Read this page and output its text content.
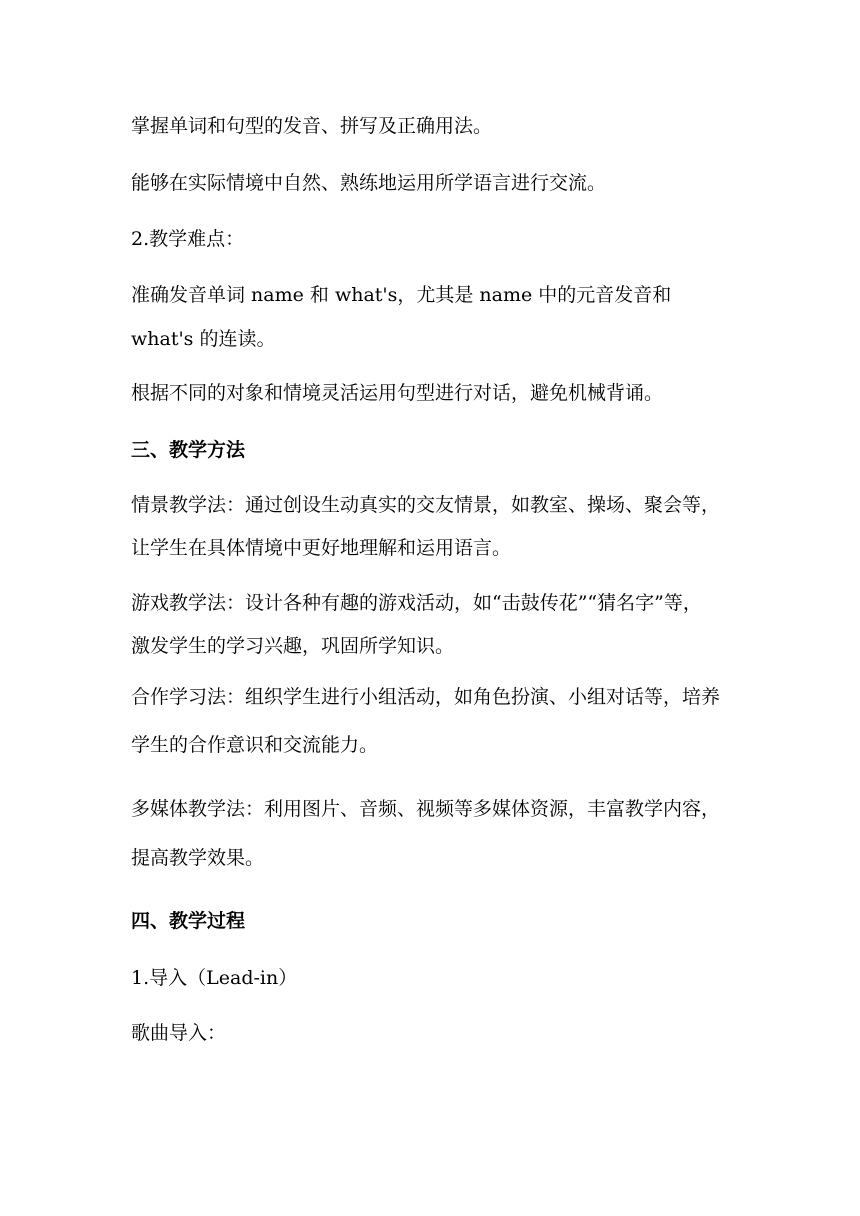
掌握单词和句型的发音、拼写及正确用法。
能够在实际情境中自然、熟练地运用所学语言进行交流。
2.教学难点：
准确发音单词 name 和 what's，尤其是 name 中的元音发音和
what's 的连读。
根据不同的对象和情境灵活运用句型进行对话，避免机械背诵。
三、教学方法
情景教学法：通过创设生动真实的交友情景，如教室、操场、聚会等，
让学生在具体情境中更好地理解和运用语言。
游戏教学法：设计各种有趣的游戏活动，如“击鼓传花”“猜名字”等，
激发学生的学习兴趣，巩固所学知识。
合作学习法：组织学生进行小组活动，如角色扮演、小组对话等，培养
学生的合作意识和交流能力。
多媒体教学法：利用图片、音频、视频等多媒体资源，丰富教学内容，
提高教学效果。
四、教学过程
1.导入（Lead-in）
歌曲导入：
